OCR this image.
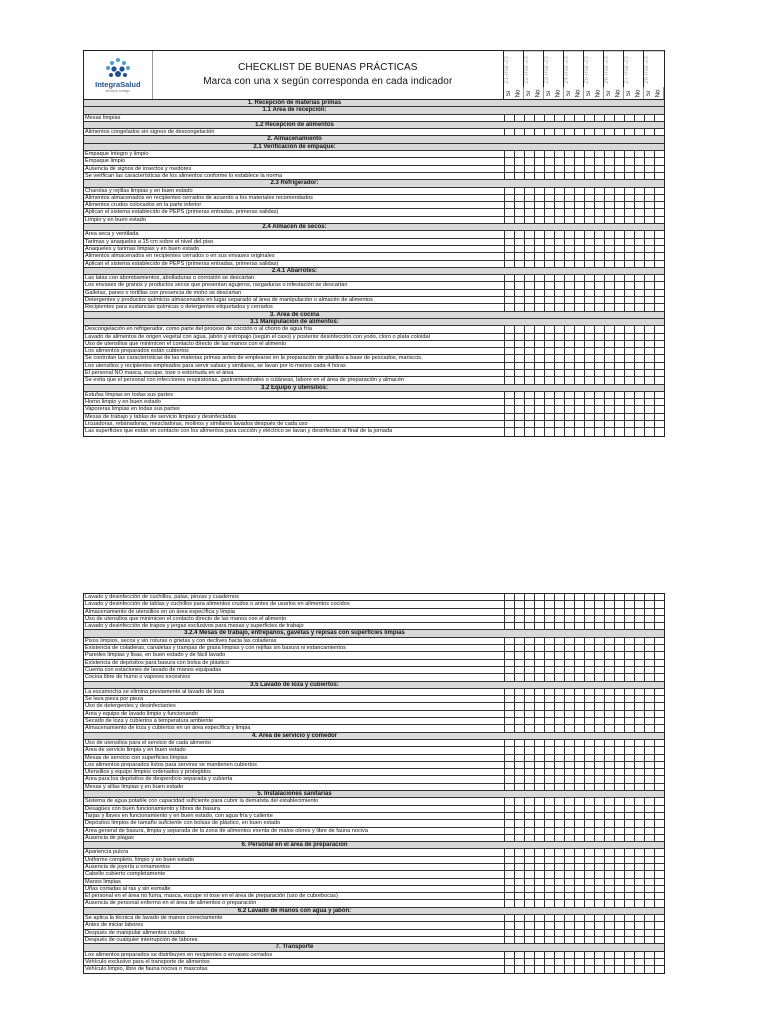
IntegraSalud
siempre contigo
CHECKLIST DE BUENAS PRÁCTICAS
Marca con una x según corresponda en cada indicador	21-mar-23
Sí No
22-mar-23
Sí No
23-mar-23
Sí No
24-mar-23
Sí No
25-mar-23
Sí No
26-mar-23
Sí No
27-mar-23
Sí No
28-mar-23
Sí No
1. Recepción de materias primas
1.1 Área de recepción:
Mesas limpias
1.2 Recepción de alimentos
Alimentos congelados sin signos de descongelación
2. Almacenamiento
2.1 Verificación de empaque:
Empaque íntegro y limpio
Empaque limpio
Ausencia de signos de insectos y roedores
Se verifican las características de los alimentos conforme lo establece la norma
2.3 Refrigerador:
Charolas y rejillas limpias y en buen estado
Alimentos almacenados en recipientes cerrados de acuerdo a los materiales recomendados
Alimentos crudos colocados en la parte inferior
Aplican el sistema establecido de PEPS (primeras entradas, primeras salidas)
Limpio y en buen estado
2.4 Almacén de secos:
Área seca y ventilada
Tarimas y anaqueles a 15 cm sobre el nivel del piso
Anaqueles y tarimas limpias y en buen estado
Alimentos almacenados en recipientes cerrados o en sus envases originales
Aplican el sistema establecido de PEPS (primeras entradas, primeras salidas)
2.4.1 Abarrotes:
Las latas con abombamientos, abolladuras o corrosión se descartan
Los envases de granos y productos secos que presentan agujeros, rasgaduras o infestación se descartan
Galletas, panes o tortillas con presencia de moho se descartan
Detergentes y productos químicos almacenados en lugar separado al área de manipulación o almacén de alimentos
Recipientes para sustancias químicas o detergentes etiquetados y cerrados
3. Área de cocina
3.1 Manipulación de alimentos:
Descongelación en refrigerador, como parte del proceso de cocción o al chorro de agua fría
Lavado de alimentos de origen vegetal con agua, jabón y estropajo (según el caso) y posterior desinfección con yodo, cloro o plata coloidal
Uso de utensilios que minimicen el contacto directo de las manos con el alimento
Los alimentos preparados están cubiertos
Se controlan las características de las materias primas antes de emplearse en la preparación de platillos a base de pescados, mariscos,
Los utensilios y recipientes empleados para servir salsas y similares, se lavan por lo menos cada 4 horas
El personal NO masca, escupe, tose o estornuda en el área
Se evita que el personal con infecciones respiratorias, gastrointestinales o cutáneas, labore en el área de preparación y almacén
3.2 Equipo y utensilios:
Estufas limpias en todas sus partes
Horno limpio y en buen estado
Vaporeras limpias en todas sus partes
Mesas de trabajo y tablas de servicio limpias y desinfectadas
Licuadoras, rebanadoras, mezcladoras, molinos y similares lavados después de cada uso
Las superficies que están en contacto con los alimentos para cocción y eléctrico se lavan y desinfectan al final de la jornada
Lavado y desinfección de cuchillos, palas, pinzas y cuadernos
Lavado y desinfección de tablas y cuchillos para alimentos crudos o antes de usarlos en alimentos cocidos
Almacenamiento de utensilios en un área específica y limpia
Uso de utensilios que minimicen el contacto directo de las manos con el alimento
Lavado y desinfección de trapos y jergas exclusivos para mesas y superficies de trabajo
3.2.4 Mesas de trabajo, entrepaños, gavetas y repisas con superficies limpias
Pisos limpios, secos y sin roturas o grietas y con declives hacia las coladeras
Existencia de coladeras, canaletas y trampas de grasa limpias y con rejillas sin basura ni estancamientos
Paredes limpias y lisas, en buen estado y de fácil lavado
Existencia de depósitos para basura con bolsa de plástico
Cuenta con estaciones de lavado de manos equipadas
Cocina libre de humo o vapores excesivos
3.5 Lavado de loza y cubiertos:
La escamocha se elimina previamente al lavado de loza
Se lava pieza por pieza
Uso de detergentes y desinfectantes
Área y equipo de lavado limpio y funcionando
Secado de loza y cubiertos a temperatura ambiente
Almacenamiento de loza y cubiertos en un área específica y limpia
4. Área de servicio y comedor
Uso de utensilios para el servicio de cada alimento
Área de servicio limpia y en buen estado
Mesas de servicio con superficies limpias
Los alimentos preparados listos para servirse se mantienen cubiertos
Utensilios y equipo limpios ordenados y protegidos
Área para los depósitos de desperdicio separada y cubierta
Mesas y sillas limpias y en buen estado
5. Instalaciones sanitarias
Sistema de agua potable con capacidad suficiente para cubrir la demanda del establecimiento
Desagües con buen funcionamiento y libres de basura
Tarjas y llaves en funcionamiento y en buen estado, con agua fría y caliente
Depósitos limpios de tamaño suficiente con bolsas de plástico, en buen estado
Área general de basura, limpia y separada de la zona de alimentos exenta de malos olores y libre de fauna nociva
Ausencia de plagas
6. Personal en el área de preparación
Apariencia pulcra
Uniforme completo, limpio y en buen estado
Ausencia de joyería u ornamentos
Cabello cubierto completamente
Manos limpias
Uñas cortadas al ras y sin esmalte
El personal en el área no fuma, masca, escupe ni tose en el área de preparación (uso de cubrebocas)
Ausencia de personal enfermo en el área de alimentos o preparación
6.2 Lavado de manos con agua y jabón:
Se aplica la técnica de lavado de manos correctamente
Antes de iniciar labores
Después de manipular alimentos crudos
Después de cualquier interrupción de labores
7. Transporte
Los alimentos preparados se distribuyen en recipientes o envases cerrados
Vehículo exclusivo para el transporte de alimentos
Vehículo limpio, libre de fauna nociva o mascotas
